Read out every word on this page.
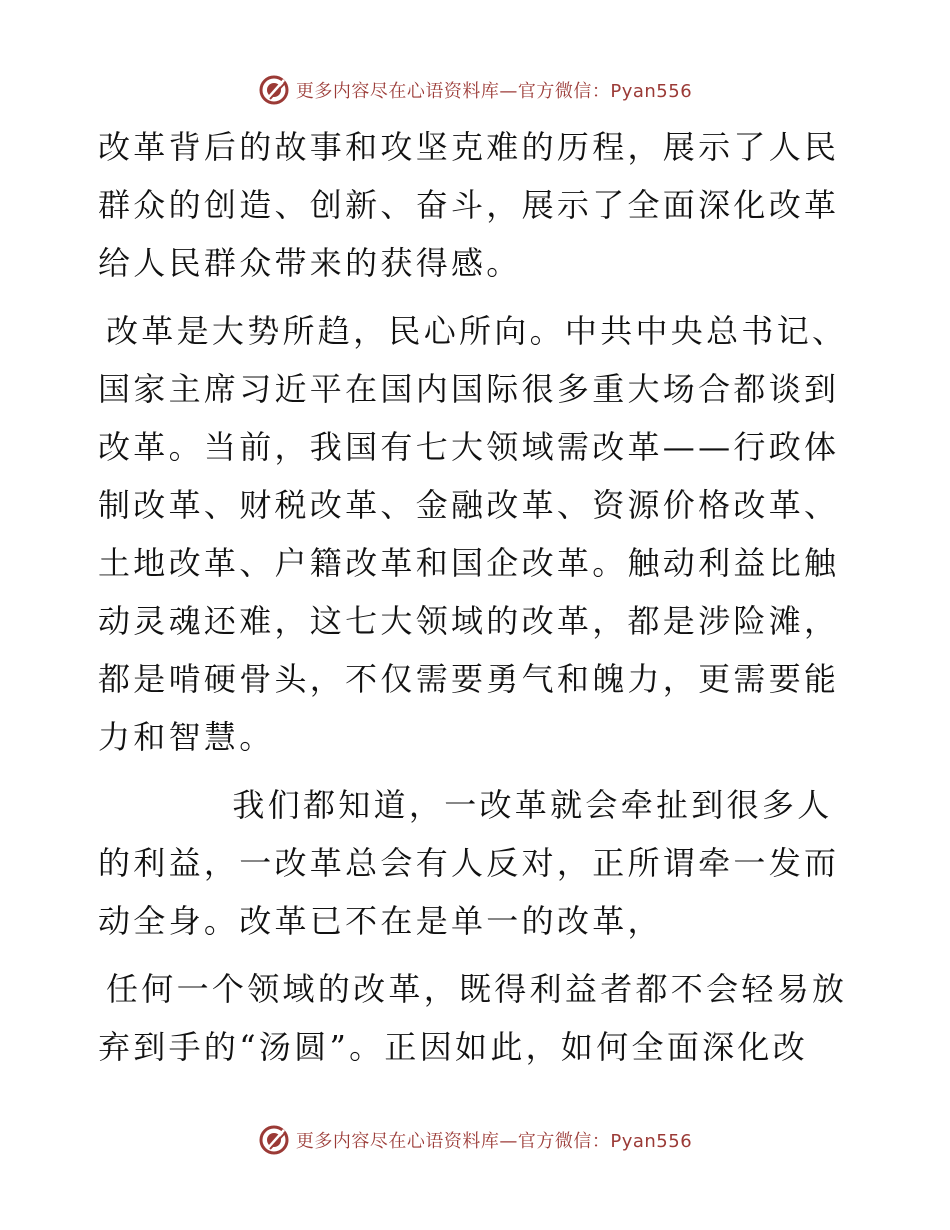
更多内容尽在心语资料库—官方微信：Pyan556

改革背后的故事和攻坚克难的历程，展示了人民群众的创造、创新、奋斗，展示了全面深化改革给人民群众带来的获得感。

改革是大势所趋，民心所向。中共中央总书记、国家主席习近平在国内国际很多重大场合都谈到改革。当前，我国有七大领域需改革——行政体制改革、财税改革、金融改革、资源价格改革、土地改革、户籍改革和国企改革。触动利益比触动灵魂还难，这七大领域的改革，都是涉险滩，都是啃硬骨头，不仅需要勇气和魄力，更需要能力和智慧。

我们都知道，一改革就会牵扯到很多人的利益，一改革总会有人反对，正所谓牵一发而动全身。改革已不在是单一的改革，

任何一个领域的改革，既得利益者都不会轻易放弃到手的“汤圆”。正因如此，如何全面深化改

更多内容尽在心语资料库—官方微信：Pyan556
